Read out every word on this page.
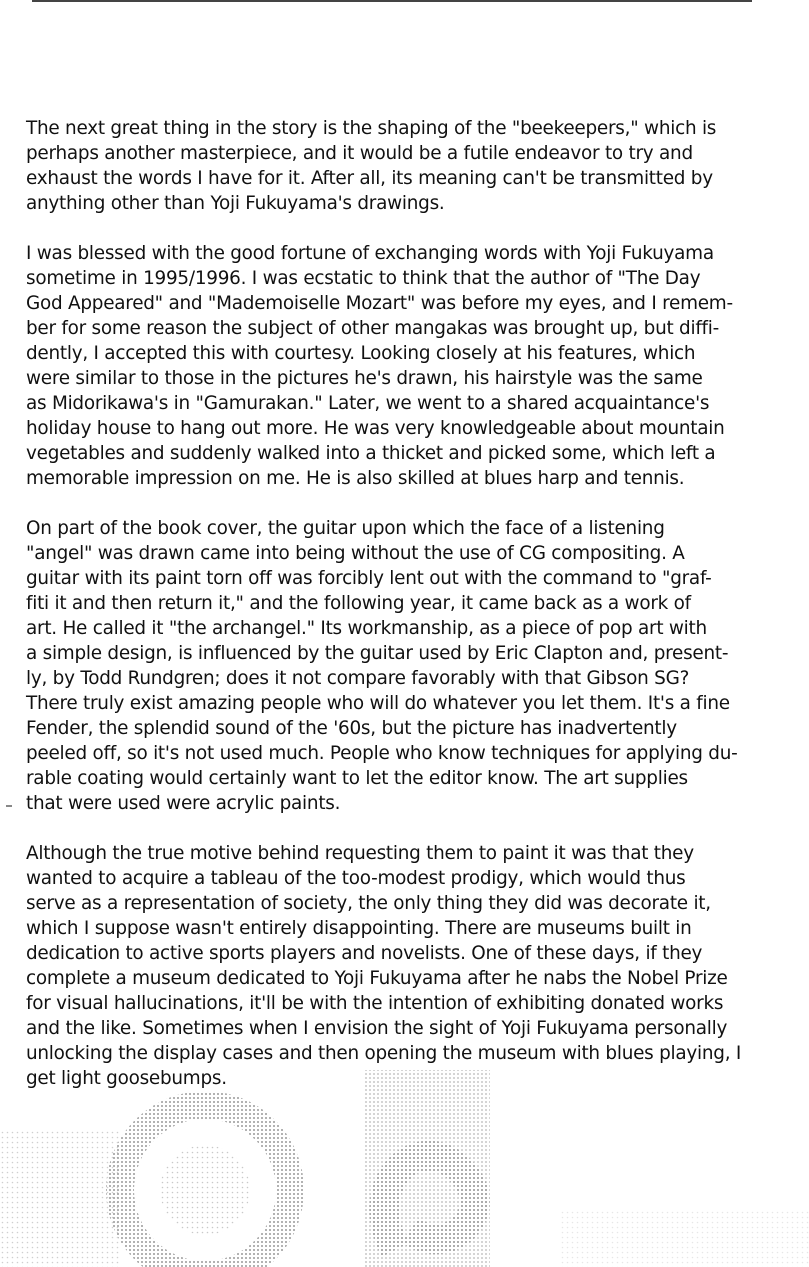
The next great thing in the story is the shaping of the "beekeepers," which is
perhaps another masterpiece, and it would be a futile endeavor to try and
exhaust the words I have for it. After all, its meaning can't be transmitted by
anything other than Yoji Fukuyama's drawings.

I was blessed with the good fortune of exchanging words with Yoji Fukuyama
sometime in 1995/1996. I was ecstatic to think that the author of "The Day
God Appeared" and "Mademoiselle Mozart" was before my eyes, and I remem-
ber for some reason the subject of other mangakas was brought up, but diffi-
dently, I accepted this with courtesy. Looking closely at his features, which
were similar to those in the pictures he's drawn, his hairstyle was the same
as Midorikawa's in "Gamurakan." Later, we went to a shared acquaintance's
holiday house to hang out more. He was very knowledgeable about mountain
vegetables and suddenly walked into a thicket and picked some, which left a
memorable impression on me. He is also skilled at blues harp and tennis.

On part of the book cover, the guitar upon which the face of a listening
"angel" was drawn came into being without the use of CG compositing. A
guitar with its paint torn off was forcibly lent out with the command to "graf-
fiti it and then return it," and the following year, it came back as a work of
art. He called it "the archangel." Its workmanship, as a piece of pop art with
a simple design, is influenced by the guitar used by Eric Clapton and, present-
ly, by Todd Rundgren; does it not compare favorably with that Gibson SG?
There truly exist amazing people who will do whatever you let them. It's a fine
Fender, the splendid sound of the '60s, but the picture has inadvertently
peeled off, so it's not used much. People who know techniques for applying du-
rable coating would certainly want to let the editor know. The art supplies
that were used were acrylic paints.

Although the true motive behind requesting them to paint it was that they
wanted to acquire a tableau of the too-modest prodigy, which would thus
serve as a representation of society, the only thing they did was decorate it,
which I suppose wasn't entirely disappointing. There are museums built in
dedication to active sports players and novelists. One of these days, if they
complete a museum dedicated to Yoji Fukuyama after he nabs the Nobel Prize
for visual hallucinations, it'll be with the intention of exhibiting donated works
and the like. Sometimes when I envision the sight of Yoji Fukuyama personally
unlocking the display cases and then opening the museum with blues playing, I
get light goosebumps.
